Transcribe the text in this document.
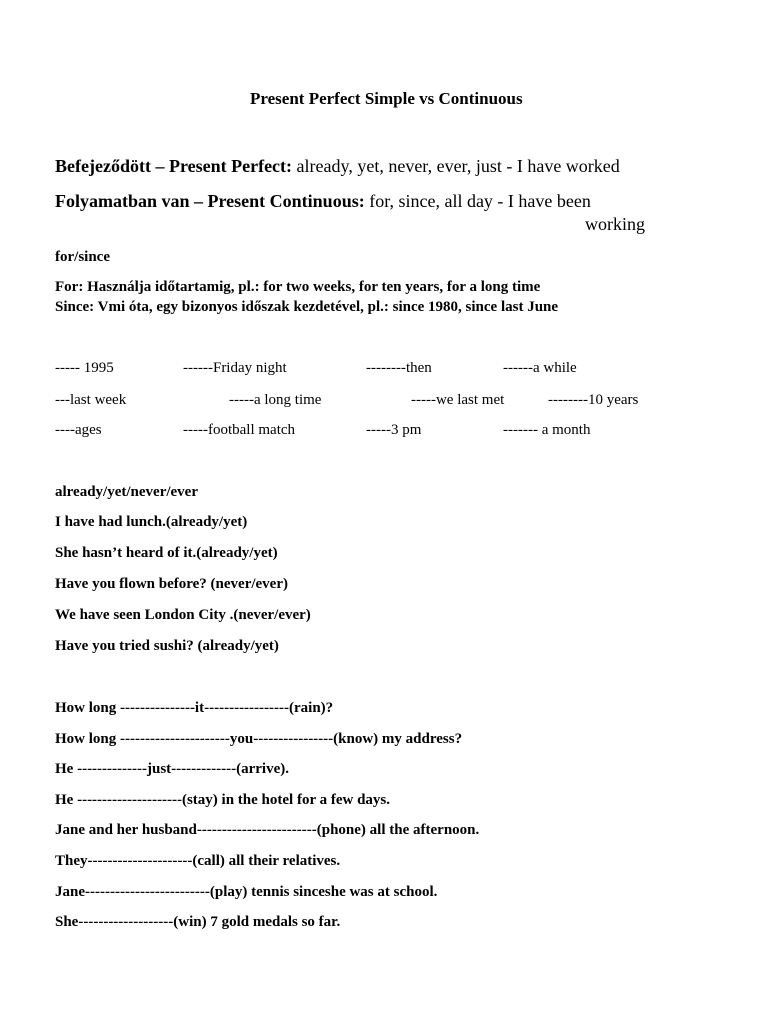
Present Perfect Simple vs Continuous
Befejeződött – Present Perfect: already, yet, never, ever, just - I have worked
Folyamatban van – Present Continuous: for, since, all day - I have been
working
for/since
For: Használja időtartamig, pl.: for two weeks, for ten years, for a long time
Since: Vmi óta, egy bizonyos időszak kezdetével, pl.: since 1980, since last June
----- 1995	------Friday night	--------then	------a while
---last week	-----a long time	-----we last met	--------10 years
----ages	-----football match	-----3 pm	------- a month
already/yet/never/ever
I have had lunch.(already/yet)
She hasn’t heard of it.(already/yet)
Have you flown before? (never/ever)
We have seen London City .(never/ever)
Have you tried sushi? (already/yet)
How long ---------------it-----------------(rain)?
How long ----------------------you----------------(know) my address?
He --------------just-------------(arrive).
He ---------------------(stay) in the hotel for a few days.
Jane and her husband------------------------(phone) all the afternoon.
They---------------------(call) all their relatives.
Jane-------------------------(play) tennis sinceshe was at school.
She-------------------(win) 7 gold medals so far.
